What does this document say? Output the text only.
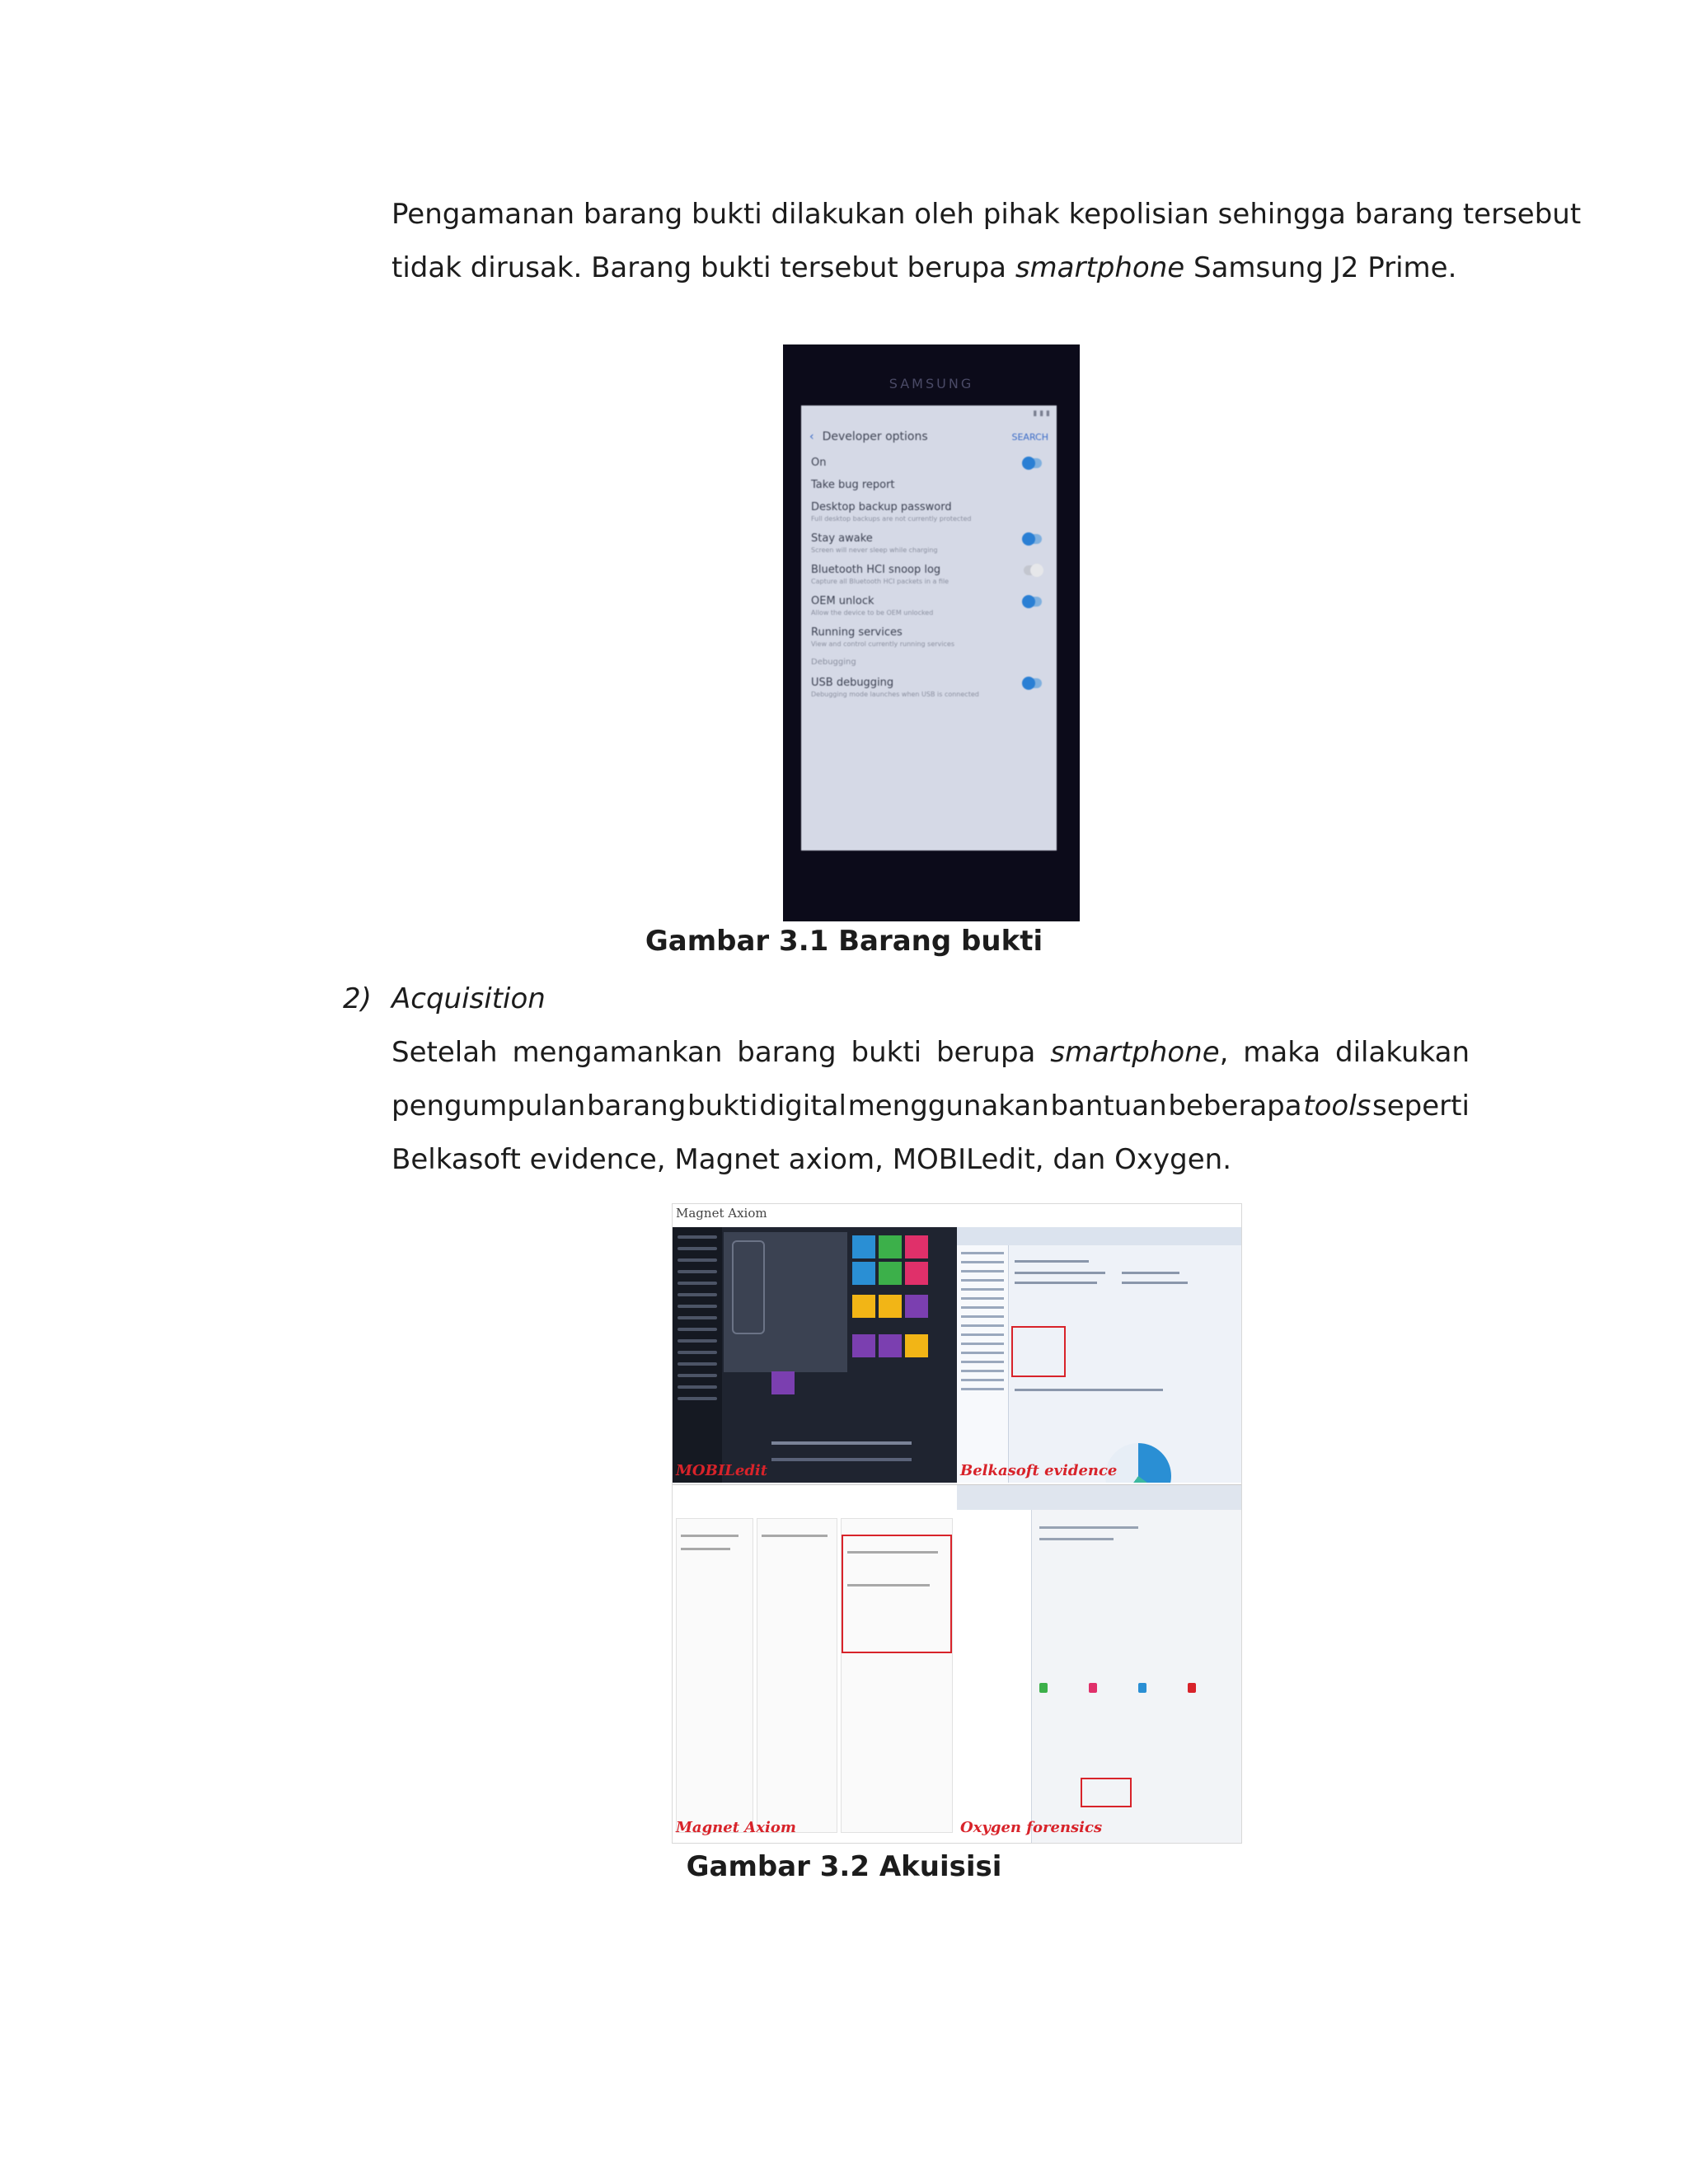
Pengamanan barang bukti dilakukan oleh pihak kepolisian sehingga barang tersebut
tidak dirusak. Barang bukti tersebut berupa smartphone Samsung J2 Prime.
SAMSUNG
▮ ▮ ▮
‹ Developer options	SEARCH
On
Take bug report
Desktop backup password
Full desktop backups are not currently protected
Stay awake
Screen will never sleep while charging
Bluetooth HCI snoop log
Capture all Bluetooth HCI packets in a file
OEM unlock
Allow the device to be OEM unlocked
Running services
View and control currently running services
Debugging
USB debugging
Debugging mode launches when USB is connected

Gambar 3.1 Barang bukti

2) Acquisition

Setelah mengamankan barang bukti berupa smartphone, maka dilakukan
pengumpulan barang bukti digital menggunakan bantuan beberapa tools seperti
Belkasoft evidence, Magnet axiom, MOBILedit, dan Oxygen.
Magnet Axiom
MOBILedit	Belkasoft evidence
Magnet Axiom	Oxygen forensics

Gambar 3.2 Akuisisi
